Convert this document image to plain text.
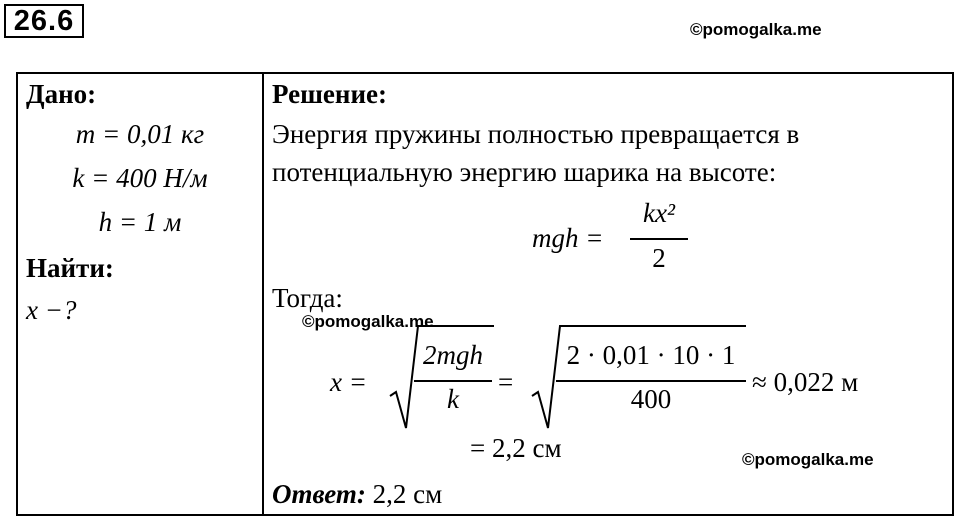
26.6	©pomogalka.me
Дано:
m = 0,01 кг
k = 400 Н/м
h = 1 м
Найти:
x −?
Решение:
Энергия пружины полностью превращается в
потенциальную энергию шарика на высоте:
mgh =
kx²
2
Тогда:
©pomogalka.me
x =
2mgh
k
=
2 · 0,01 · 10 · 1
400
≈ 0,022 м
= 2,2 см	©pomogalka.me
Ответ: 2,2 см
